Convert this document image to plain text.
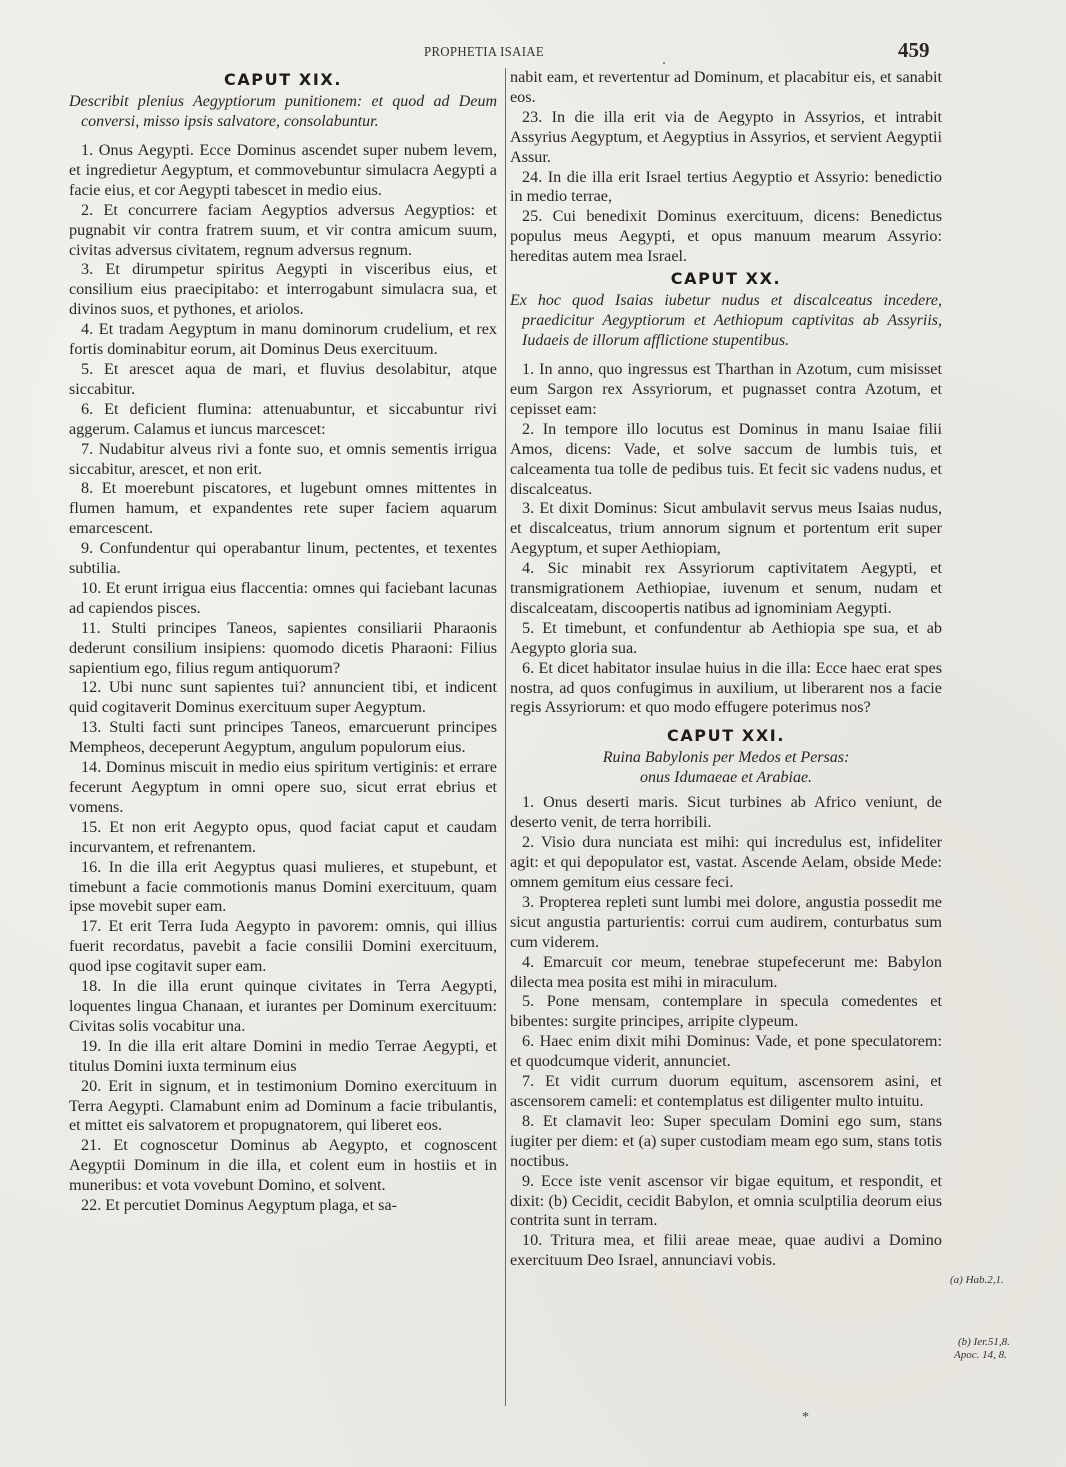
PROPHETIA ISAIAE	459
CAPUT XIX.
Describit plenius Aegyptiorum punitionem: et quod ad Deum conversi, misso ipsis salvatore, consolabuntur.

1. Onus Aegypti. Ecce Dominus ascendet super nubem levem, et ingredietur Aegyptum, et commovebuntur simulacra Aegypti a facie eius, et cor Aegypti tabescet in medio eius.

2. Et concurrere faciam Aegyptios adversus Aegyptios: et pugnabit vir contra fratrem suum, et vir contra amicum suum, civitas adversus civitatem, regnum adversus regnum.

3. Et dirumpetur spiritus Aegypti in visceribus eius, et consilium eius praecipitabo: et interrogabunt simulacra sua, et divinos suos, et pythones, et ariolos.

4. Et tradam Aegyptum in manu dominorum crudelium, et rex fortis dominabitur eorum, ait Dominus Deus exercituum.

5. Et arescet aqua de mari, et fluvius desolabitur, atque siccabitur.

6. Et deficient flumina: attenuabuntur, et siccabuntur rivi aggerum. Calamus et iuncus marcescet:

7. Nudabitur alveus rivi a fonte suo, et omnis sementis irrigua siccabitur, arescet, et non erit.

8. Et moerebunt piscatores, et lugebunt omnes mittentes in flumen hamum, et expandentes rete super faciem aquarum emarcescent.

9. Confundentur qui operabantur linum, pectentes, et texentes subtilia.

10. Et erunt irrigua eius flaccentia: omnes qui faciebant lacunas ad capiendos pisces.

11. Stulti principes Taneos, sapientes consiliarii Pharaonis dederunt consilium insipiens: quomodo dicetis Pharaoni: Filius sapientium ego, filius regum antiquorum?

12. Ubi nunc sunt sapientes tui? annuncient tibi, et indicent quid cogitaverit Dominus exercituum super Aegyptum.

13. Stulti facti sunt principes Taneos, emarcuerunt principes Mempheos, deceperunt Aegyptum, angulum populorum eius.

14. Dominus miscuit in medio eius spiritum vertiginis: et errare fecerunt Aegyptum in omni opere suo, sicut errat ebrius et vomens.

15. Et non erit Aegypto opus, quod faciat caput et caudam incurvantem, et refrenantem.

16. In die illa erit Aegyptus quasi mulieres, et stupebunt, et timebunt a facie commotionis manus Domini exercituum, quam ipse movebit super eam.

17. Et erit Terra Iuda Aegypto in pavorem: omnis, qui illius fuerit recordatus, pavebit a facie consilii Domini exercituum, quod ipse cogitavit super eam.

18. In die illa erunt quinque civitates in Terra Aegypti, loquentes lingua Chanaan, et iurantes per Dominum exercituum: Civitas solis vocabitur una.

19. In die illa erit altare Domini in medio Terrae Aegypti, et titulus Domini iuxta terminum eius

20. Erit in signum, et in testimonium Domino exercituum in Terra Aegypti. Clamabunt enim ad Dominum a facie tribulantis, et mittet eis salvatorem et propugnatorem, qui liberet eos.

21. Et cognoscetur Dominus ab Aegypto, et cognoscent Aegyptii Dominum in die illa, et colent eum in hostiis et in muneribus: et vota vovebunt Domino, et solvent.

22. Et percutiet Dominus Aegyptum plaga, et sa-

nabit eam, et revertentur ad Dominum, et placabitur eis, et sanabit eos.

23. In die illa erit via de Aegypto in Assyrios, et intrabit Assyrius Aegyptum, et Aegyptius in Assyrios, et servient Aegyptii Assur.

24. In die illa erit Israel tertius Aegyptio et Assyrio: benedictio in medio terrae,

25. Cui benedixit Dominus exercituum, dicens: Benedictus populus meus Aegypti, et opus manuum mearum Assyrio: hereditas autem mea Israel.

CAPUT XX.
Ex hoc quod Isaias iubetur nudus et discalceatus incedere, praedicitur Aegyptiorum et Aethiopum captivitas ab Assyriis, Iudaeis de illorum afflictione stupentibus.

1. In anno, quo ingressus est Tharthan in Azotum, cum misisset eum Sargon rex Assyriorum, et pugnasset contra Azotum, et cepisset eam:

2. In tempore illo locutus est Dominus in manu Isaiae filii Amos, dicens: Vade, et solve saccum de lumbis tuis, et calceamenta tua tolle de pedibus tuis. Et fecit sic vadens nudus, et discalceatus.

3. Et dixit Dominus: Sicut ambulavit servus meus Isaias nudus, et discalceatus, trium annorum signum et portentum erit super Aegyptum, et super Aethiopiam,

4. Sic minabit rex Assyriorum captivitatem Aegypti, et transmigrationem Aethiopiae, iuvenum et senum, nudam et discalceatam, discoopertis natibus ad ignominiam Aegypti.

5. Et timebunt, et confundentur ab Aethiopia spe sua, et ab Aegypto gloria sua.

6. Et dicet habitator insulae huius in die illa: Ecce haec erat spes nostra, ad quos confugimus in auxilium, ut liberarent nos a facie regis Assyriorum: et quo modo effugere poterimus nos?

CAPUT XXI.
Ruina Babylonis per Medos et Persas:
onus Idumaeae et Arabiae.

1. Onus deserti maris. Sicut turbines ab Africo veniunt, de deserto venit, de terra horribili.

2. Visio dura nunciata est mihi: qui incredulus est, infideliter agit: et qui depopulator est, vastat. Ascende Aelam, obside Mede: omnem gemitum eius cessare feci.

3. Propterea repleti sunt lumbi mei dolore, angustia possedit me sicut angustia parturientis: corrui cum audirem, conturbatus sum cum viderem.

4. Emarcuit cor meum, tenebrae stupefecerunt me: Babylon dilecta mea posita est mihi in miraculum.

5. Pone mensam, contemplare in specula comedentes et bibentes: surgite principes, arripite clypeum.

6. Haec enim dixit mihi Dominus: Vade, et pone speculatorem: et quodcumque viderit, annunciet.

7. Et vidit currum duorum equitum, ascensorem asini, et ascensorem cameli: et contemplatus est diligenter multo intuitu.

8. Et clamavit leo: Super speculam Domini ego sum, stans iugiter per diem: et (a) super custodiam meam ego sum, stans totis noctibus.

9. Ecce iste venit ascensor vir bigae equitum, et respondit, et dixit: (b) Cecidit, cecidit Babylon, et omnia sculptilia deorum eius contrita sunt in terram.

10. Tritura mea, et filii areae meae, quae audivi a Domino exercituum Deo Israel, annunciavi vobis.

(a) Hab.2,1.
(b) Ier.51,8.
Apoc. 14, 8.
*
